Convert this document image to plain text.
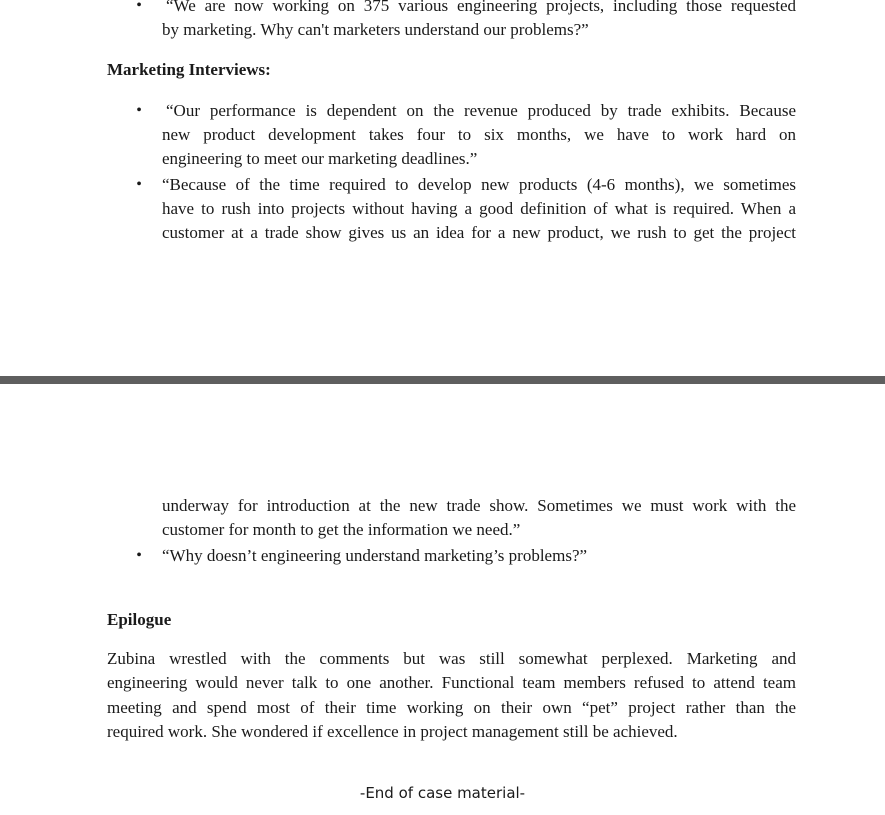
• “We are now working on 375 various engineering projects, including those requested
by marketing. Why can't marketers understand our problems?”
Marketing Interviews:
• “Our performance is dependent on the revenue produced by trade exhibits. Because
new product development takes four to six months, we have to work hard on
engineering to meet our marketing deadlines.”
• “Because of the time required to develop new products (4-6 months), we sometimes
have to rush into projects without having a good definition of what is required. When a
customer at a trade show gives us an idea for a new product, we rush to get the project
underway for introduction at the new trade show. Sometimes we must work with the
customer for month to get the information we need.”
• “Why doesn’t engineering understand marketing’s problems?”
Epilogue
Zubina wrestled with the comments but was still somewhat perplexed. Marketing and
engineering would never talk to one another. Functional team members refused to attend team
meeting and spend most of their time working on their own “pet” project rather than the
required work. She wondered if excellence in project management still be achieved.
-End of case material-
